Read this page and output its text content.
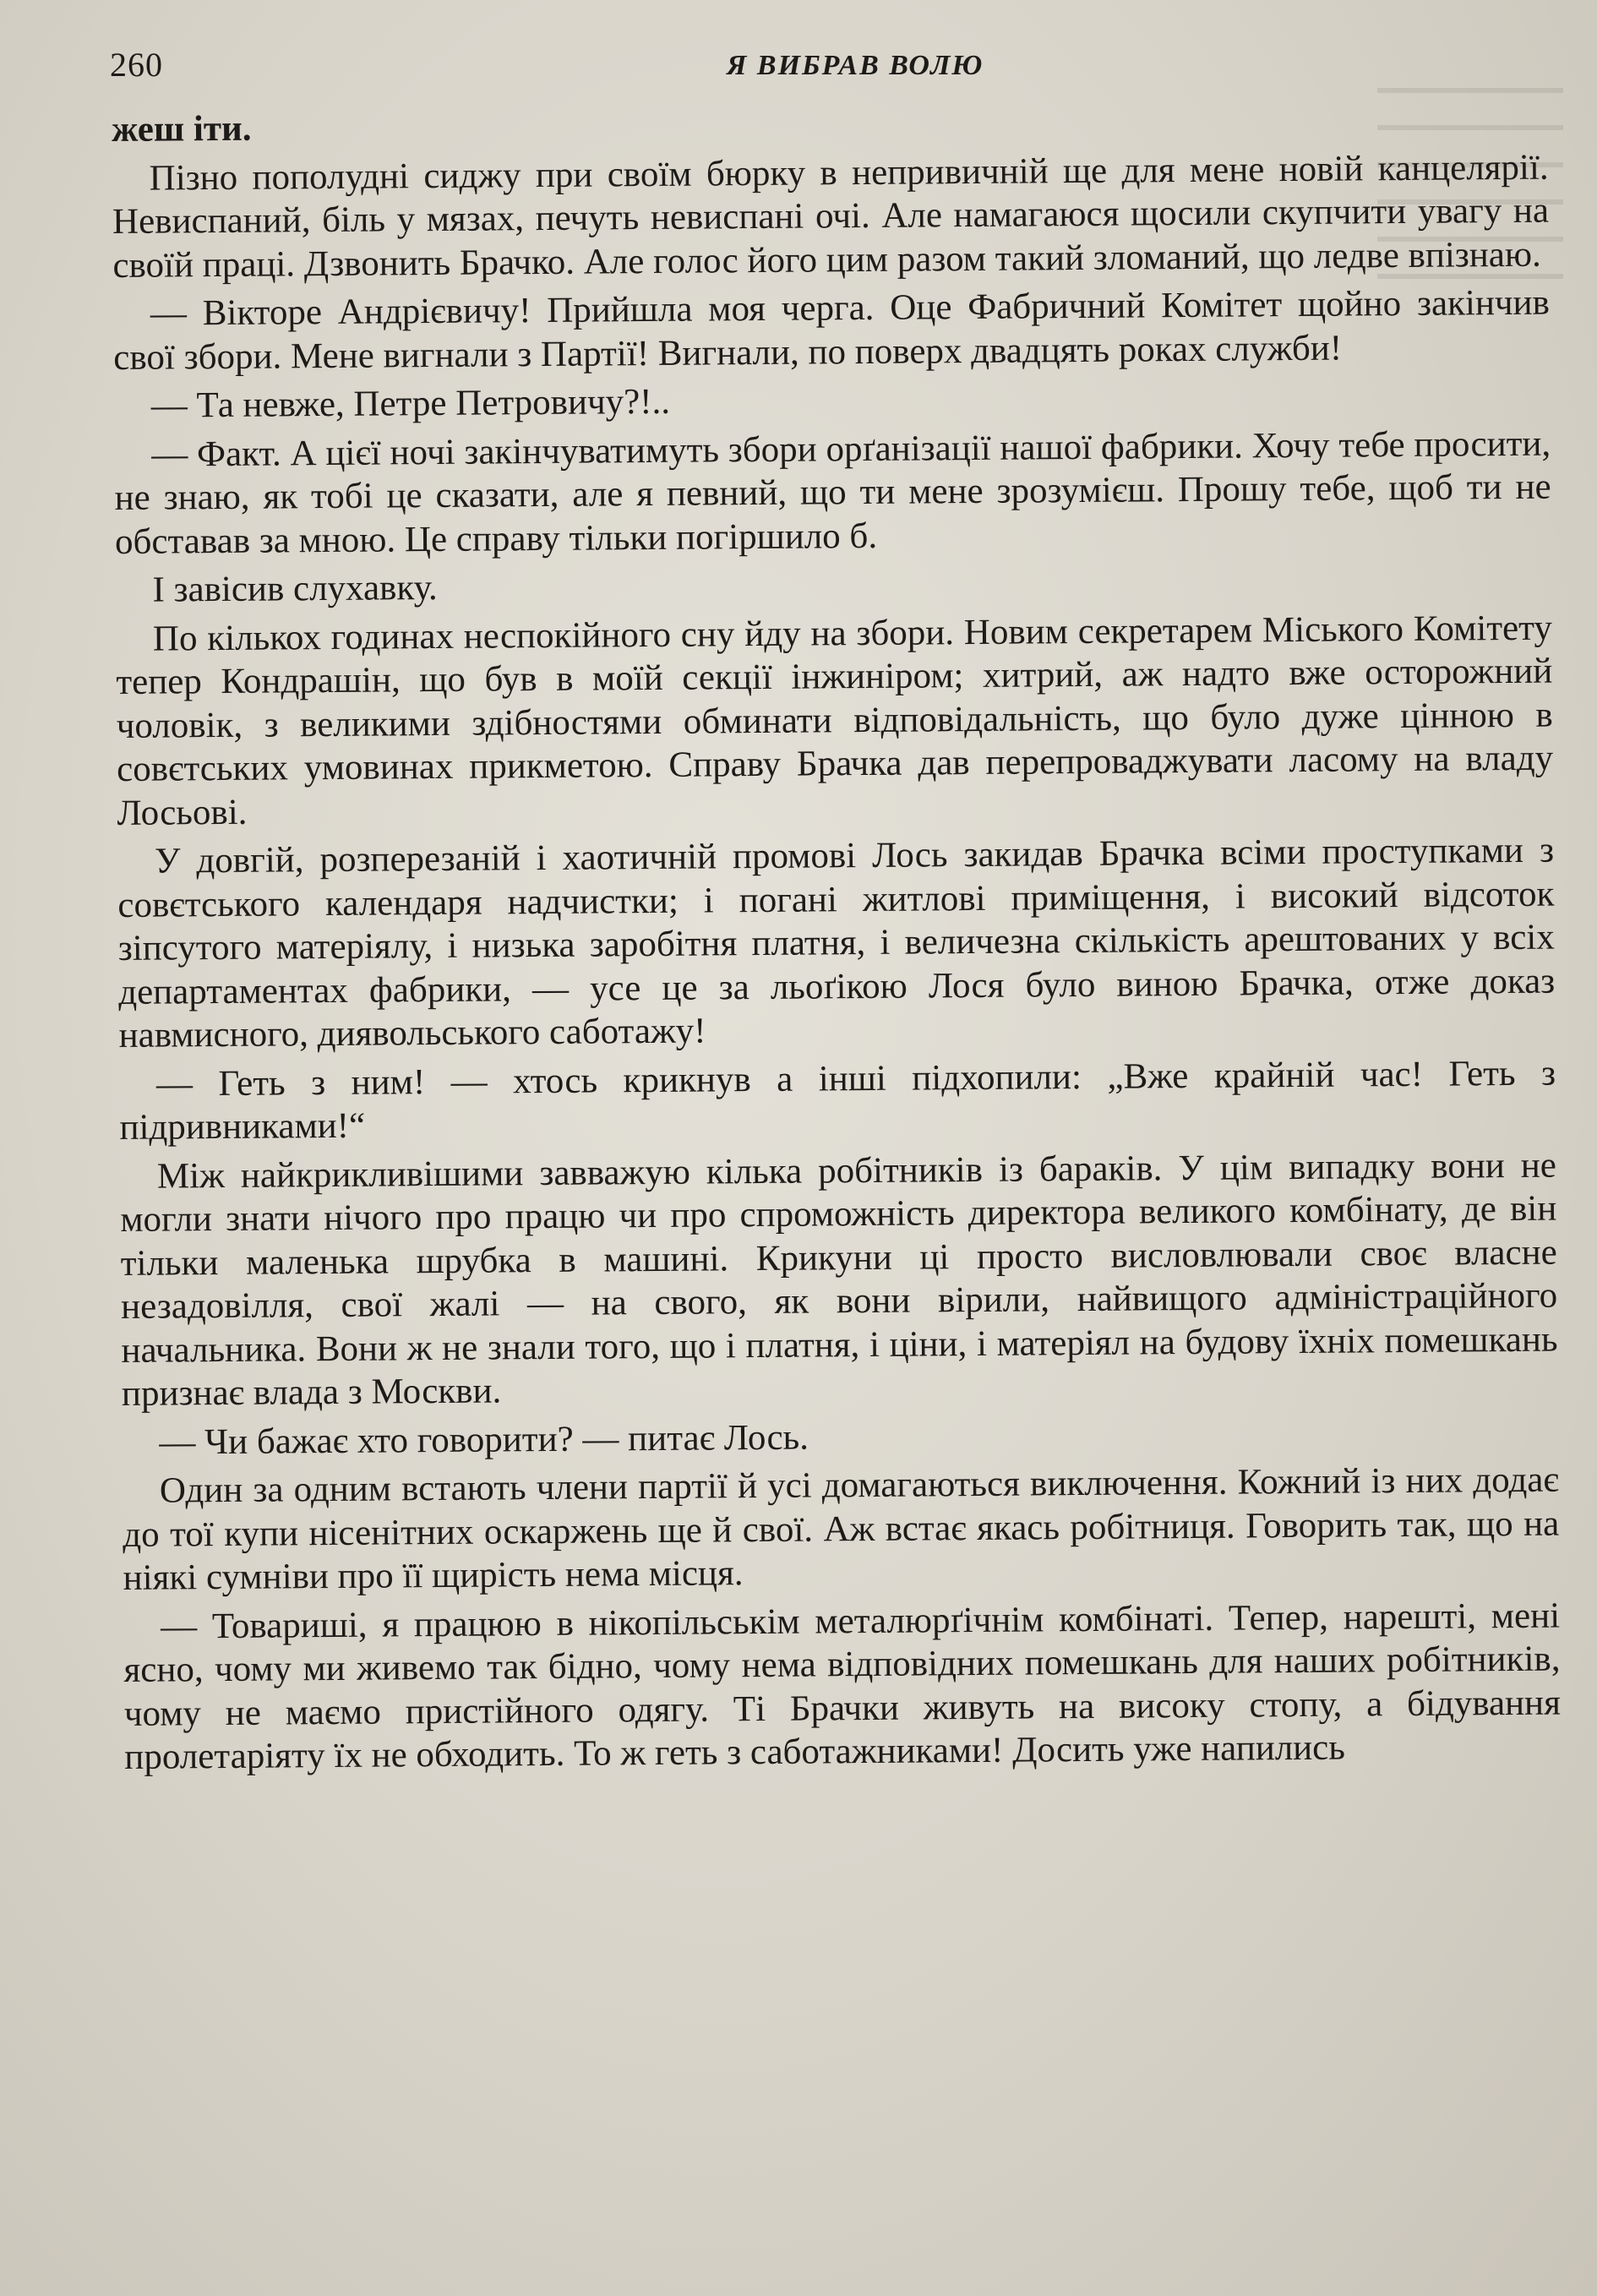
260	Я ВИБРАВ ВОЛЮ

жеш іти.

Пізно пополудні сиджу при своїм бюрку в непривичній ще для мене новій канцелярії. Невиспаний, біль у мязах, печуть невиспані очі. Але намагаюся щосили скупчити увагу на своїй праці. Дзвонить Брачко. Але голос його цим разом такий зломаний, що ледве впізнаю.

— Вікторе Андрієвичу! Прийшла моя черга. Оце Фабричний Комітет щойно закінчив свої збори. Мене вигнали з Партії! Вигнали, по поверх двадцять роках служби!

— Та невже, Петре Петровичу?!..

— Факт. А цієї ночі закінчуватимуть збори орґанізації нашої фабрики. Хочу тебе просити, не знаю, як тобі це сказати, але я певний, що ти мене зрозумієш. Прошу тебе, щоб ти не обставав за мною. Це справу тільки погіршило б.

І завісив слухавку.

По кількох годинах неспокійного сну йду на збори. Новим секретарем Міського Комітету тепер Кондрашін, що був в моїй секції інжиніром; хитрий, аж надто вже осторожний чоловік, з великими здібностями обминати відповідальність, що було дуже цінною в совєтських умовинах прикметою. Справу Брачка дав перепроваджувати ласому на владу Лосьові.

У довгій, розперезаній і хаотичній промові Лось закидав Брачка всіми проступками з совєтського календаря надчистки; і погані житлові приміщення, і високий відсоток зіпсутого матеріялу, і низька заробітня платня, і величезна скількість арештованих у всіх департаментах фабрики, — усе це за льоґікою Лося було виною Брачка, отже доказ навмисного, диявольського саботажу!

— Геть з ним! — хтось крикнув а інші підхопили: „Вже крайній час! Геть з підривниками!“

Між найкрикливішими завважую кілька робітників із бараків. У цім випадку вони не могли знати нічого про працю чи про спроможність директора великого комбінату, де він тільки маленька шрубка в машині. Крикуни ці просто висловлювали своє власне незадовілля, свої жалі — на свого, як вони вірили, найвищого адміністраційного начальника. Вони ж не знали того, що і платня, і ціни, і матеріял на будову їхніх помешкань признає влада з Москви.

— Чи бажає хто говорити? — питає Лось.

Один за одним встають члени партії й усі домагаються виключення. Кожний із них додає до тої купи нісенітних оскаржень ще й свої. Аж встає якась робітниця. Говорить так, що на ніякі сумніви про її щирість нема місця.

— Товариші, я працюю в нікопільськім металюрґічнім комбінаті. Тепер, нарешті, мені ясно, чому ми живемо так бідно, чому нема відповідних помешкань для наших робітників, чому не маємо пристійного одягу. Ті Брачки живуть на високу стопу, а бідування пролетаріяту їх не обходить. То ж геть з саботажниками! Досить уже напились
